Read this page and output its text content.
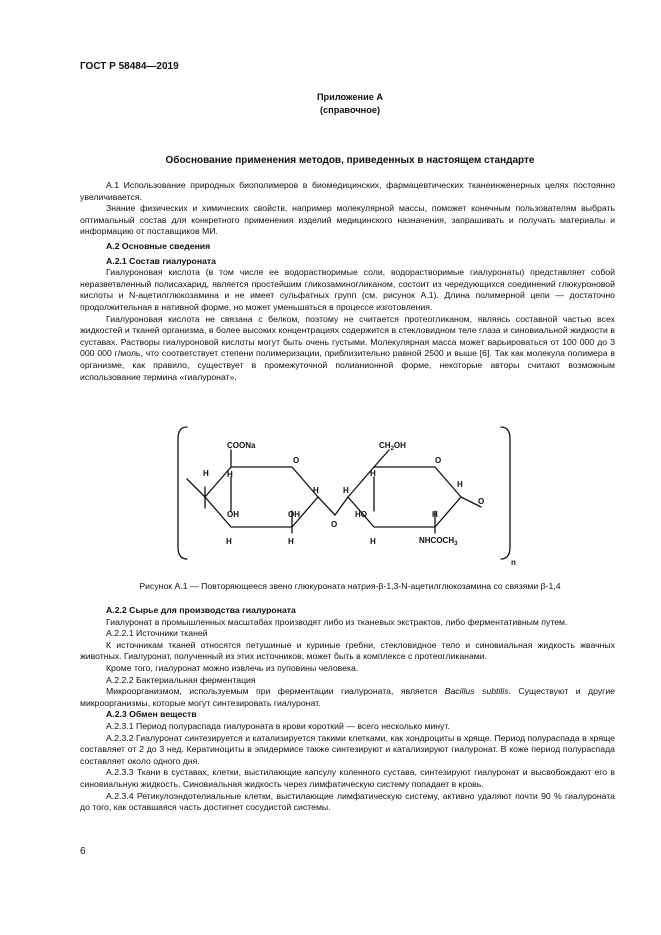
ГОСТ Р 58484—2019
Приложение А
(справочное)
Обоснование применения методов, приведенных в настоящем стандарте

А.1 Использование природных биополимеров в биомедицинских, фармацевтических тканеинженерных целях постоянно увеличивается.

Знание физических и химических свойств, например молекулярной массы, поможет конечным пользователям выбрать оптимальный состав для конкретного применения изделий медицинского назначения, запрашивать и получать материалы и информацию от поставщиков МИ.

А.2 Основные сведения

А.2.1 Состав гиалуроната

Гиалуроновая кислота (в том числе ее водорастворимые соли, водорастворимые гиалуронаты) представляет собой неразветвленный полисахарид, является простейшим гликозаминогликаном, состоит из чередующихся соединений глюкуроновой кислоты и N-ацетилглюкозамина и не имеет сульфатных групп (см. рисунок А.1). Длина полимерной цепи — достаточно продолжительная в нативной форме, но может уменьшаться в процессе изготовления.

Гиалуроновая кислота не связана с белком, поэтому не считается протеогликаном, являясь составной частью всех жидкостей и тканей организма, в более высоких концентрациях содержится в стекловидном теле глаза и синовиальной жидкости в суставах. Растворы гиалуроновой кислоты могут быть очень густыми. Молекулярная масса может варьироваться от 100 000 до 3 000 000 г/моль, что соответствует степени полимеризации, приблизительно равной 2500 и выше [6]. Так как молекула полимера в организме, как правило, существует в промежуточной полианионной форме, некоторые авторы считают возможным использование термина «гиалуронат».

COONa
O
H H
OH	OH
H	H
H
O
H
$CH_2OH$
O
H
HO	H
H
H
O
$NHCOCH_3$
n
Рисунок А.1 — Повторяющееся звено глюкуроната натрия-β-1,3-N-ацетилглюкозамина со связями β-1,4

А.2.2 Сырье для производства гиалуроната

Гиалуронат в промышленных масштабах производят либо из тканевых экстрактов, либо ферментативным путем.

А.2.2.1 Источники тканей

К источникам тканей относятся петушиные и куриные гребни, стекловидное тело и синовиальная жидкость жвачных животных. Гиалуронат, полученный из этих источников, может быть в комплексе с протеогликанами.

Кроме того, гиалуронат можно извлечь из пуповины человека.

А.2.2.2 Бактериальная ферментация

Микроорганизмом, используемым при ферментации гиалуроната, является Bacillus subtilis. Существуют и другие микроорганизмы, которые могут синтезировать гиалуронат.

А.2.3 Обмен веществ

А.2.3.1 Период полураспада гиалуроната в крови короткий — всего несколько минут.

А.2.3.2 Гиалуронат синтезируется и катализируется такими клетками, как хондроциты в хряще. Период полураспада в хряще составляет от 2 до 3 нед. Кератиноциты в эпидермисе также синтезируют и катализируют гиалуронат. В коже период полураспада составляет около одного дня.

А.2.3.3 Ткани в суставах, клетки, выстилающие капсулу коленного сустава, синтезируют гиалуронат и высвобождают его в синовиальную жидкость. Синовиальная жидкость через лимфатическую систему попадает в кровь.

А.2.3.4 Ретикулоэндотелиальные клетки, выстилающие лимфатическую систему, активно удаляют почти 90 % гиалуроната до того, как оставшаяся часть достигнет сосудистой системы.

6
